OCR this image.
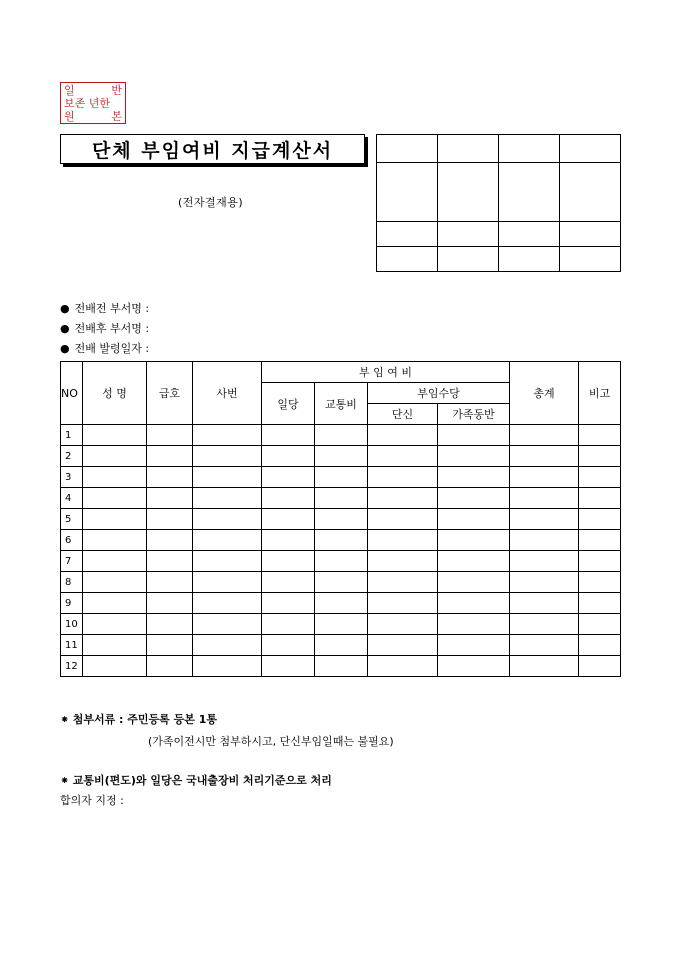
일	반
보존 년한
원	본
단체 부임여비 지급계산서
(전자결재용)

● 전배전 부서명 :
● 전배후 부서명 :
● 전배 발령일자 :
NO	성 명	급호	사번	부 임 여 비				총계	비고
				일당	교통비	부임수당			
						단신	가족동반		
1									
2									
3									
4									
5									
6									
7									
8									
9									
10									
11									
12									
⁕ 첨부서류 : 주민등록 등본 1통
(가족이전시만 첨부하시고, 단신부임일때는 불필요)
⁕ 교통비(편도)와 일당은 국내출장비 처리기준으로 처리
합의자 지정 :
